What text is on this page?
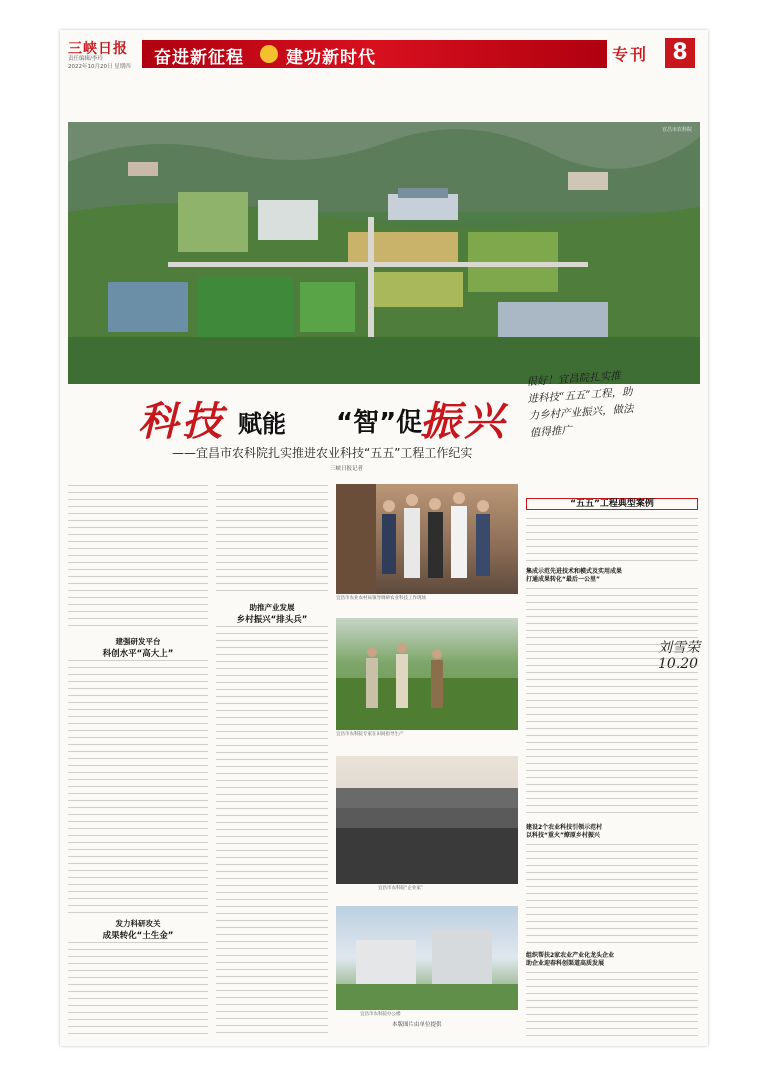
三峡日报
责任编辑/李玲
2022年10月20日 星期四 奋进新征程 建功新时代	专刊	8
宜昌市农科院
科技 赋能 “智”促
振兴
——宜昌市农科院扎实推进农业科技“五五”工程工作纪实
三峡日报记者
很好！宜昌院扎实推
进科技“五五”工程，助
力乡村产业振兴，做法
值得推广
刘雪荣
10.20
建强研发平台
科创水平“高大上”
发力科研攻关
成果转化“土生金”
助推产业发展
乡村振兴“排头兵”
宜昌市农业农村局领导调研农业科技工作现场
宜昌市农科院专家在田间指导生产
宜昌市农科院“企业家”
宜昌市农科院办公楼
“五五”工程典型案例
集成示范先进技术和模式及实用成果
打通成果转化“最后一公里”
建设2个农业科技引领示范村
以科技“重火”燎原乡村振兴
组织帮扶2家农业产业化龙头企业
助企业迎春科创渠道高质发展
本版图片由单位提供
